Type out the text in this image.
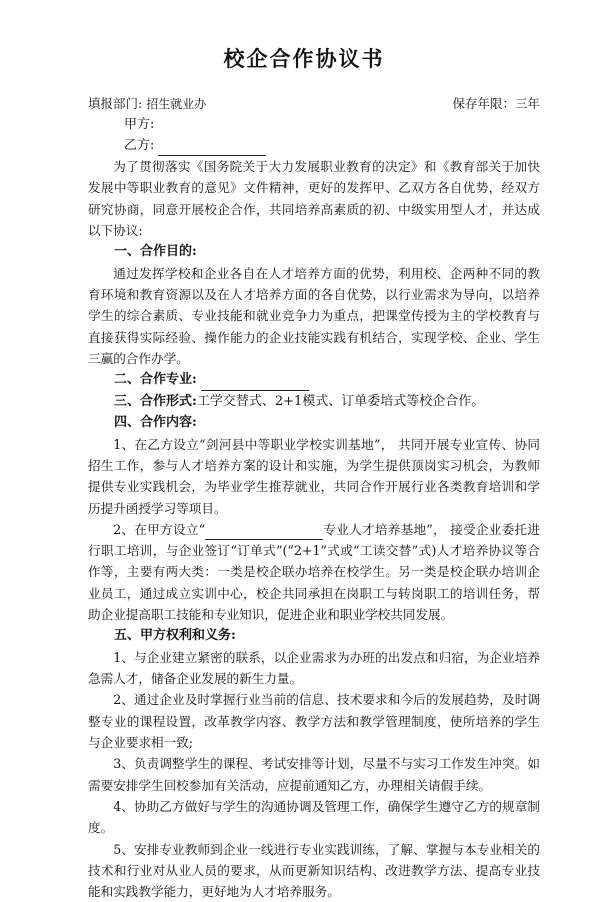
校企合作协议书
填报部门: 招生就业办	保存年限：三年
甲方:
乙方:

为了贯彻落实《国务院关于大力发展职业教育的决定》和《教育部关于加快发展中等职业教育的意见》文件精神，更好的发挥甲、乙双方各自优势，经双方研究协商，同意开展校企合作，共同培养高素质的初、中级实用型人才，并达成以下协议:

一、合作目的:

通过发挥学校和企业各自在人才培养方面的优势，利用校、企两种不同的教育环境和教育资源以及在人才培养方面的各自优势，以行业需求为导向，以培养学生的综合素质、专业技能和就业竞争力为重点，把课堂传授为主的学校教育与直接获得实际经验、操作能力的企业技能实践有机结合，实现学校、企业、学生三赢的合作办学。

二、合作专业:

三、合作形式:工学交替式、2+1模式、订单委培式等校企合作。

四、合作内容:

1、在乙方设立“剑河县中等职业学校实训基地”， 共同开展专业宣传、协同招生工作，参与人才培养方案的设计和实施，为学生提供顶岗实习机会，为教师提供专业实践机会，为毕业学生推荐就业，共同合作开展行业各类教育培训和学历提升函授学习等项目。

2、在甲方设立“	专业人才培养基地”， 接受企业委托进行职工培训，与企业签订“订单式”(“2+1”式或“工读交替”式)人才培养协议等合作等，主要有两大类：一类是校企联办培养在校学生。另一类是校企联办培训企业员工，通过成立实训中心，校企共同承担在岗职工与转岗职工的培训任务，帮助企业提高职工技能和专业知识，促进企业和职业学校共同发展。

五、甲方权利和义务:

1、与企业建立紧密的联系，以企业需求为办班的出发点和归宿，为企业培养急需人才，储备企业发展的新生力量。

2、通过企业及时掌握行业当前的信息、技术要求和今后的发展趋势，及时调整专业的课程设置，改革教学内容、教学方法和教学管理制度，使所培养的学生与企业要求相一致;

3、负责调整学生的课程、考试安排等计划，尽量不与实习工作发生冲突。如需要安排学生回校参加有关活动，应提前通知乙方，办理相关请假手续。

4、协助乙方做好与学生的沟通协调及管理工作，确保学生遵守乙方的规章制度。

5、安排专业教师到企业一线进行专业实践训练，了解、掌握与本专业相关的技术和行业对从业人员的要求，从而更新知识结构、改进教学方法、提高专业技能和实践教学能力，更好地为人才培养服务。
